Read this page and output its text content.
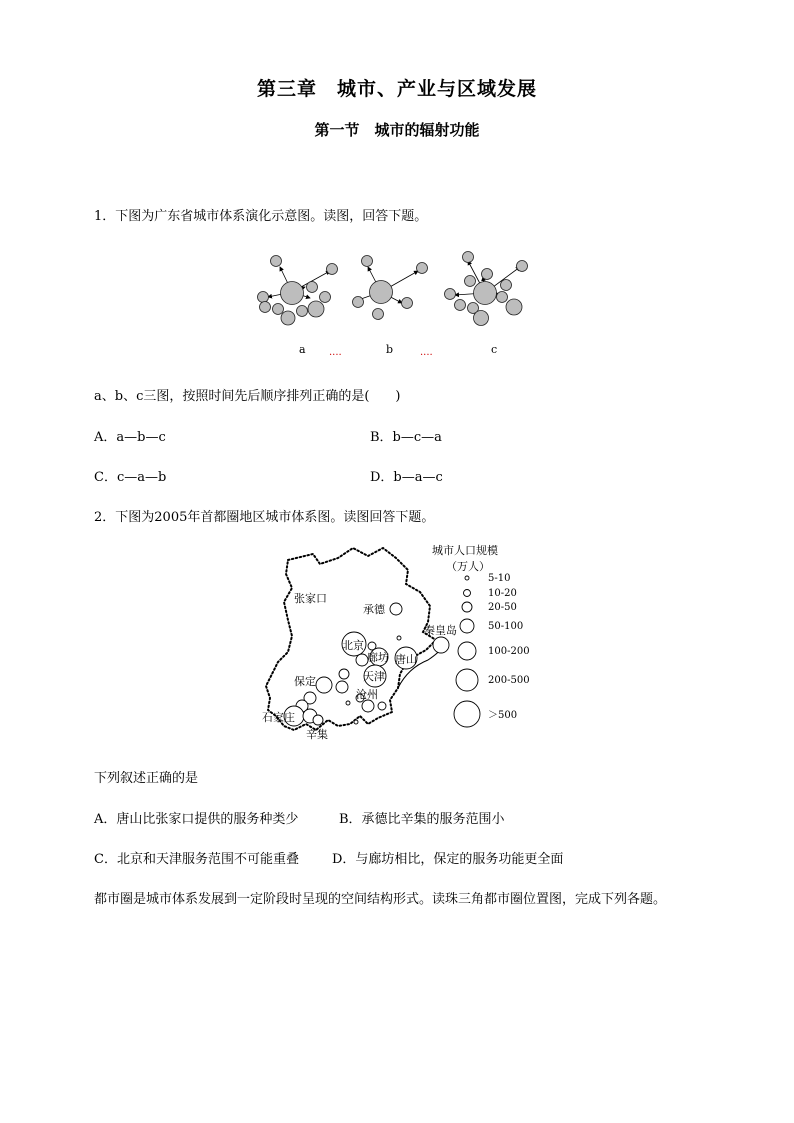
第三章　城市、产业与区域发展
第一节　城市的辐射功能
1．下图为广东省城市体系演化示意图。读图，回答下题。
a ....	b	....	c
a、b、c三图，按照时间先后顺序排列正确的是(　　)
A．a—b—c	B．b—c—a
C．c—a—b	D．b—a—c
2．下图为2005年首都圈地区城市体系图。读图回答下题。
张家口
承德
秦皇岛
北京
廊坊 唐山
天津
保定
沧州
石家庄
辛集
城市人口规模
（万人）
5-10
10-20
20-50
50-100
100-200
200-500
＞500
下列叙述正确的是
A．唐山比张家口提供的服务种类少	B．承德比辛集的服务范围小
C．北京和天津服务范围不可能重叠	D．与廊坊相比，保定的服务功能更全面
都市圈是城市体系发展到一定阶段时呈现的空间结构形式。读珠三角都市圈位置图，完成下列各题。
